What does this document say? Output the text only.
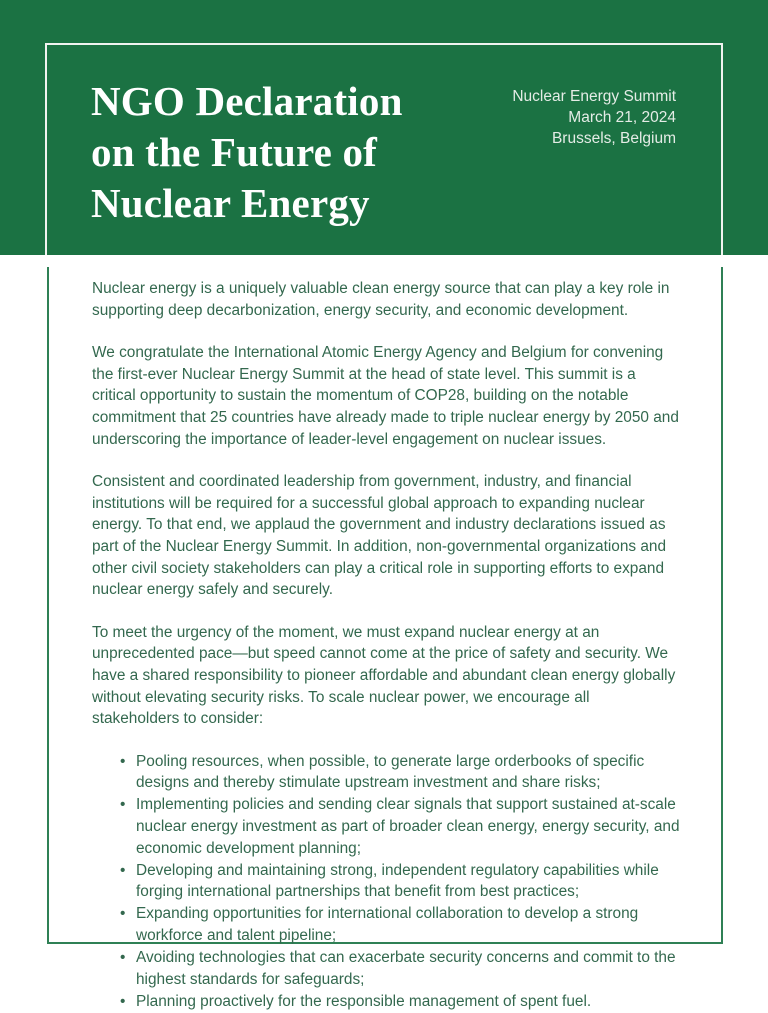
NGO Declaration
on the Future of
Nuclear Energy
Nuclear Energy Summit
March 21, 2024
Brussels, Belgium

Nuclear energy is a uniquely valuable clean energy source that can play a key role in supporting deep decarbonization, energy security, and economic development.

We congratulate the International Atomic Energy Agency and Belgium for convening the first-ever Nuclear Energy Summit at the head of state level. This summit is a critical opportunity to sustain the momentum of COP28, building on the notable commitment that 25 countries have already made to triple nuclear energy by 2050 and underscoring the importance of leader-level engagement on nuclear issues.

Consistent and coordinated leadership from government, industry, and financial institutions will be required for a successful global approach to expanding nuclear energy. To that end, we applaud the government and industry declarations issued as part of the Nuclear Energy Summit. In addition, non-governmental organizations and other civil society stakeholders can play a critical role in supporting efforts to expand nuclear energy safely and securely.

To meet the urgency of the moment, we must expand nuclear energy at an unprecedented pace—but speed cannot come at the price of safety and security. We have a shared responsibility to pioneer affordable and abundant clean energy globally without elevating security risks. To scale nuclear power, we encourage all stakeholders to consider:

• Pooling resources, when possible, to generate large orderbooks of specific designs and thereby stimulate upstream investment and share risks;
• Implementing policies and sending clear signals that support sustained at-scale nuclear energy investment as part of broader clean energy, energy security, and economic development planning;
• Developing and maintaining strong, independent regulatory capabilities while forging international partnerships that benefit from best practices;
• Expanding opportunities for international collaboration to develop a strong workforce and talent pipeline;
• Avoiding technologies that can exacerbate security concerns and commit to the highest standards for safeguards;
• Planning proactively for the responsible management of spent fuel.
